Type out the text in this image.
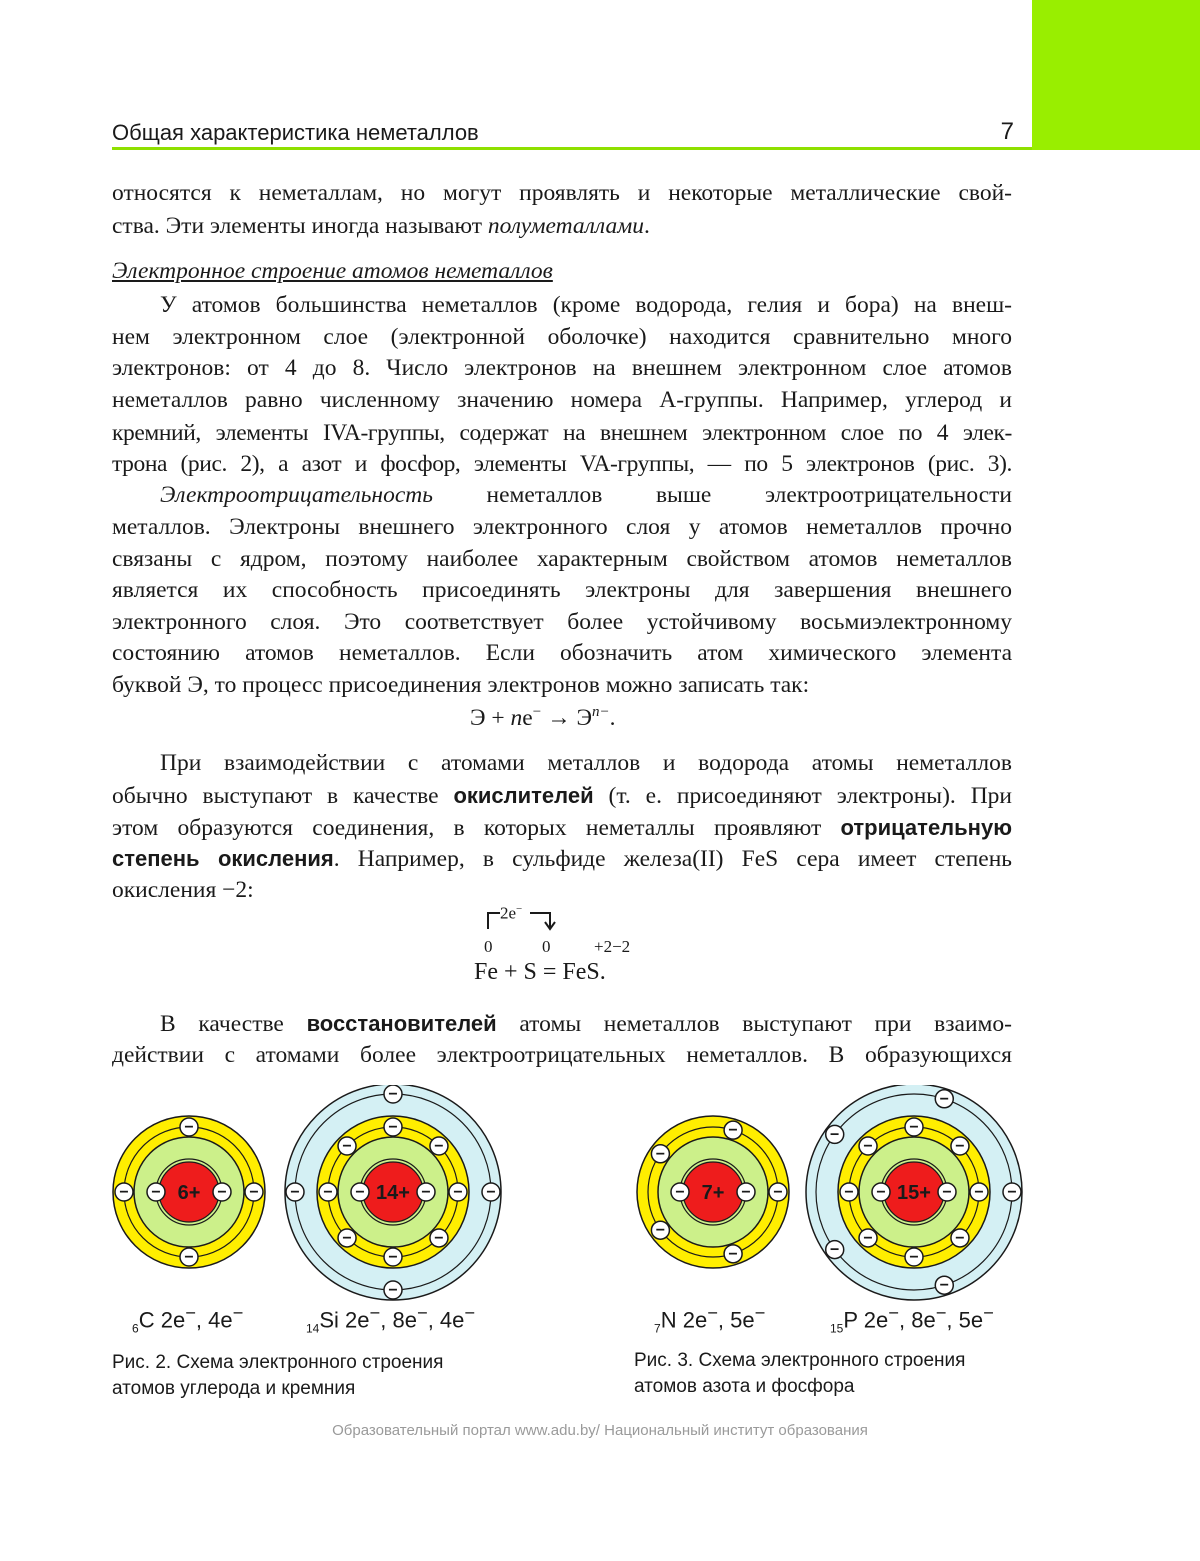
Общая характеристика неметаллов	7
относятся к неметаллам, но могут проявлять и некоторые металлические свой-
ства. Эти элементы иногда называют полуметаллами.
Электронное строение атомов неметаллов
У атомов большинства неметаллов (кроме водорода, гелия и бора) на внеш-
нем электронном слое (электронной оболочке) находится сравнительно много
электронов: от 4 до 8. Число электронов на внешнем электронном слое атомов
неметаллов равно численному значению номера А-группы. Например, углерод и
кремний, элементы IVA-группы, содержат на внешнем электронном слое по 4 элек-
трона (рис. 2), а азот и фосфор, элементы VA-группы, — по 5 электронов (рис. 3).
Электроотрицательность неметаллов выше электроотрицательности
металлов. Электроны внешнего электронного слоя у атомов неметаллов прочно
связаны с ядром, поэтому наиболее характерным свойством атомов неметаллов
является их способность присоединять электроны для завершения внешнего
электронного слоя. Это соответствует более устойчивому восьмиэлектронному
состоянию атомов неметаллов. Если обозначить атом химического элемента
буквой Э, то процесс присоединения электронов можно записать так:
$Э + ne^- \to Э^{n-}$.
При взаимодействии с атомами металлов и водорода атомы неметаллов
обычно выступают в качестве окислителей (т. е. присоединяют электроны). При
этом образуются соединения, в которых неметаллы проявляют отрицательную
степень окисления. Например, в сульфиде железа(II) FeS сера имеет степень
окисления −2:
2e−
0	0	+2−2
Fe + S = FeS.
В качестве восстановителей атомы неметаллов выступают при взаимо-
действии с атомами более электроотрицательных неметаллов. В образующихся
6+
−	−
−	−
−
−
14+
−	−
−
−
−
−
−
−
−
−
−	−
−
−
7+
−	−
−
−
−
−
−
15+
−	−
−
−
−
−
−
−
−
−
−
−
−
−
−
$_6$C 2e−, 4e−
$_{14}$Si 2e−, 8e−, 4e−
$_7$N 2e−, 5e−
$_{15}$P 2e−, 8e−, 5e−
Рис. 2. Схема электронного строения
атомов углерода и кремния
Рис. 3. Схема электронного строения
атомов азота и фосфора
Образовательный портал www.adu.by/ Национальный институт образования
